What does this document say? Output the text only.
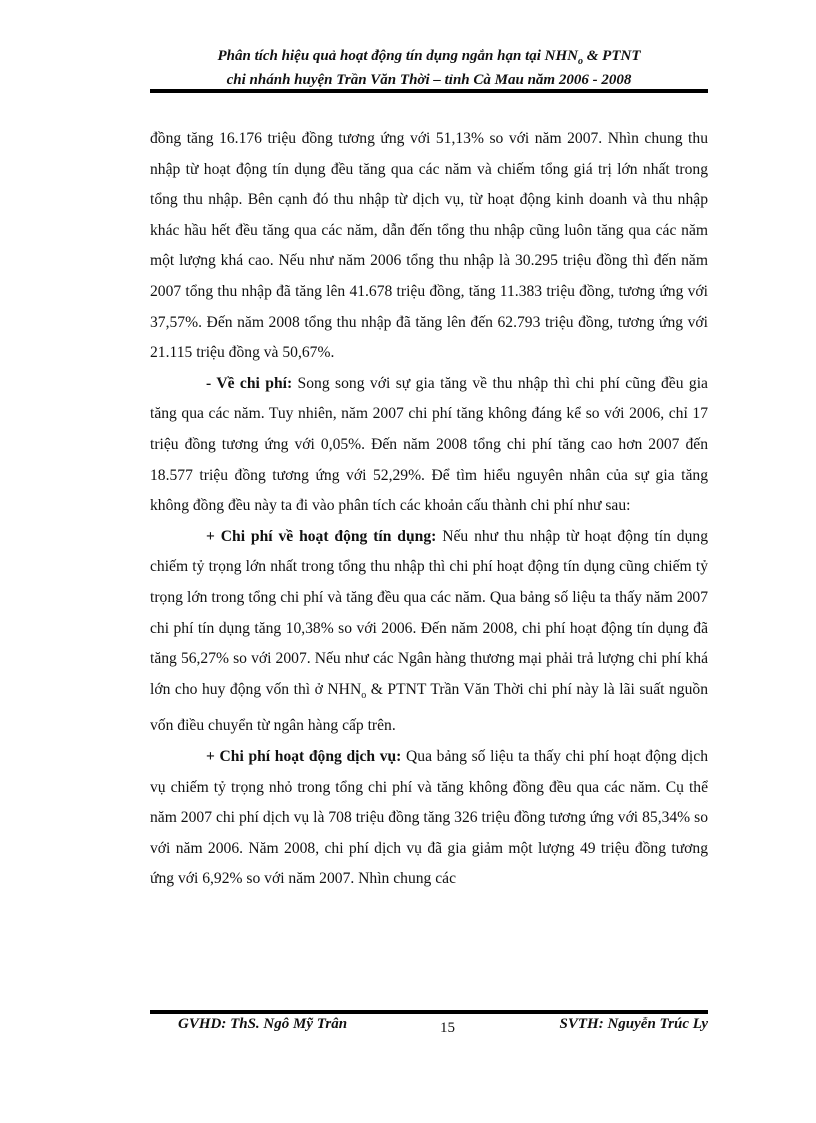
Phân tích hiệu quả hoạt động tín dụng ngắn hạn tại $NHN_o$ & PTNT
chi nhánh huyện Trần Văn Thời – tỉnh Cà Mau năm 2006 - 2008

đồng tăng 16.176 triệu đồng tương ứng với 51,13% so với năm 2007. Nhìn chung thu nhập từ hoạt động tín dụng đều tăng qua các năm và chiếm tổng giá trị lớn nhất trong tổng thu nhập. Bên cạnh đó thu nhập từ dịch vụ, từ hoạt động kinh doanh và thu nhập khác hầu hết đều tăng qua các năm, dẫn đến tổng thu nhập cũng luôn tăng qua các năm một lượng khá cao. Nếu như năm 2006 tổng thu nhập là 30.295 triệu đồng thì đến năm 2007 tổng thu nhập đã tăng lên 41.678 triệu đồng, tăng 11.383 triệu đồng, tương ứng với 37,57%. Đến năm 2008 tổng thu nhập đã tăng lên đến 62.793 triệu đồng, tương ứng với 21.115 triệu đồng và 50,67%.

- Về chi phí: Song song với sự gia tăng về thu nhập thì chi phí cũng đều gia tăng qua các năm. Tuy nhiên, năm 2007 chi phí tăng không đáng kể so với 2006, chỉ 17 triệu đồng tương ứng với 0,05%. Đến năm 2008 tổng chi phí tăng cao hơn 2007 đến 18.577 triệu đồng tương ứng với 52,29%. Để tìm hiểu nguyên nhân của sự gia tăng không đồng đều này ta đi vào phân tích các khoản cấu thành chi phí như sau:

+ Chi phí về hoạt động tín dụng: Nếu như thu nhập từ hoạt động tín dụng chiếm tỷ trọng lớn nhất trong tổng thu nhập thì chi phí hoạt động tín dụng cũng chiếm tỷ trọng lớn trong tổng chi phí và tăng đều qua các năm. Qua bảng số liệu ta thấy năm 2007 chi phí tín dụng tăng 10,38% so với 2006. Đến năm 2008, chi phí hoạt động tín dụng đã tăng 56,27% so với 2007. Nếu như các Ngân hàng thương mại phải trả lượng chi phí khá lớn cho huy động vốn thì ở $NHN_o$ & PTNT Trần Văn Thời chi phí này là lãi suất nguồn vốn điều chuyển từ ngân hàng cấp trên.

+ Chi phí hoạt động dịch vụ: Qua bảng số liệu ta thấy chi phí hoạt động dịch vụ chiếm tỷ trọng nhỏ trong tổng chi phí và tăng không đồng đều qua các năm. Cụ thể năm 2007 chi phí dịch vụ là 708 triệu đồng tăng 326 triệu đồng tương ứng với 85,34% so với năm 2006. Năm 2008, chi phí dịch vụ đã gia giảm một lượng 49 triệu đồng tương ứng với 6,92% so với năm 2007. Nhìn chung các

GVHD: ThS. Ngô Mỹ Trân	15	SVTH: Nguyễn Trúc Ly
